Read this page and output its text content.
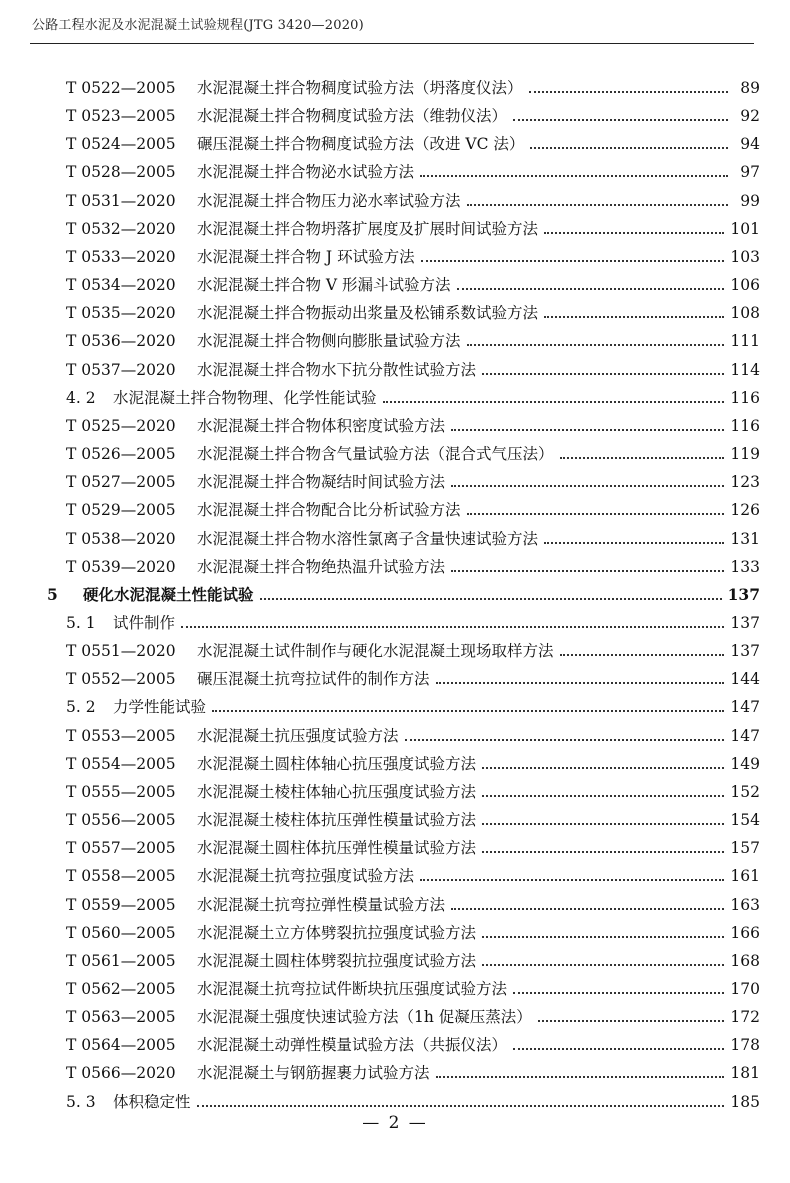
公路工程水泥及水泥混凝土试验规程(JTG 3420—2020)
T 0522—2005	水泥混凝土拌合物稠度试验方法（坍落度仪法）	89
T 0523—2005	水泥混凝土拌合物稠度试验方法（维勃仪法）	92
T 0524—2005	碾压混凝土拌合物稠度试验方法（改进 VC 法）	94
T 0528—2005	水泥混凝土拌合物泌水试验方法	97
T 0531—2020	水泥混凝土拌合物压力泌水率试验方法	99
T 0532—2020	水泥混凝土拌合物坍落扩展度及扩展时间试验方法	101
T 0533—2020	水泥混凝土拌合物 J 环试验方法	103
T 0534—2020	水泥混凝土拌合物 V 形漏斗试验方法	106
T 0535—2020	水泥混凝土拌合物振动出浆量及松铺系数试验方法	108
T 0536—2020	水泥混凝土拌合物侧向膨胀量试验方法	111
T 0537—2020	水泥混凝土拌合物水下抗分散性试验方法	114
4. 2	水泥混凝土拌合物物理、化学性能试验	116
T 0525—2020	水泥混凝土拌合物体积密度试验方法	116
T 0526—2005	水泥混凝土拌合物含气量试验方法（混合式气压法）	119
T 0527—2005	水泥混凝土拌合物凝结时间试验方法	123
T 0529—2005	水泥混凝土拌合物配合比分析试验方法	126
T 0538—2020	水泥混凝土拌合物水溶性氯离子含量快速试验方法	131
T 0539—2020	水泥混凝土拌合物绝热温升试验方法	133
5	硬化水泥混凝土性能试验	137
5. 1	试件制作	137
T 0551—2020	水泥混凝土试件制作与硬化水泥混凝土现场取样方法	137
T 0552—2005	碾压混凝土抗弯拉试件的制作方法	144
5. 2	力学性能试验	147
T 0553—2005	水泥混凝土抗压强度试验方法	147
T 0554—2005	水泥混凝土圆柱体轴心抗压强度试验方法	149
T 0555—2005	水泥混凝土棱柱体轴心抗压强度试验方法	152
T 0556—2005	水泥混凝土棱柱体抗压弹性模量试验方法	154
T 0557—2005	水泥混凝土圆柱体抗压弹性模量试验方法	157
T 0558—2005	水泥混凝土抗弯拉强度试验方法	161
T 0559—2005	水泥混凝土抗弯拉弹性模量试验方法	163
T 0560—2005	水泥混凝土立方体劈裂抗拉强度试验方法	166
T 0561—2005	水泥混凝土圆柱体劈裂抗拉强度试验方法	168
T 0562—2005	水泥混凝土抗弯拉试件断块抗压强度试验方法	170
T 0563—2005	水泥混凝土强度快速试验方法（1h 促凝压蒸法）	172
T 0564—2005	水泥混凝土动弹性模量试验方法（共振仪法）	178
T 0566—2020	水泥混凝土与钢筋握裹力试验方法	181
5. 3	体积稳定性	185
— 2 —
